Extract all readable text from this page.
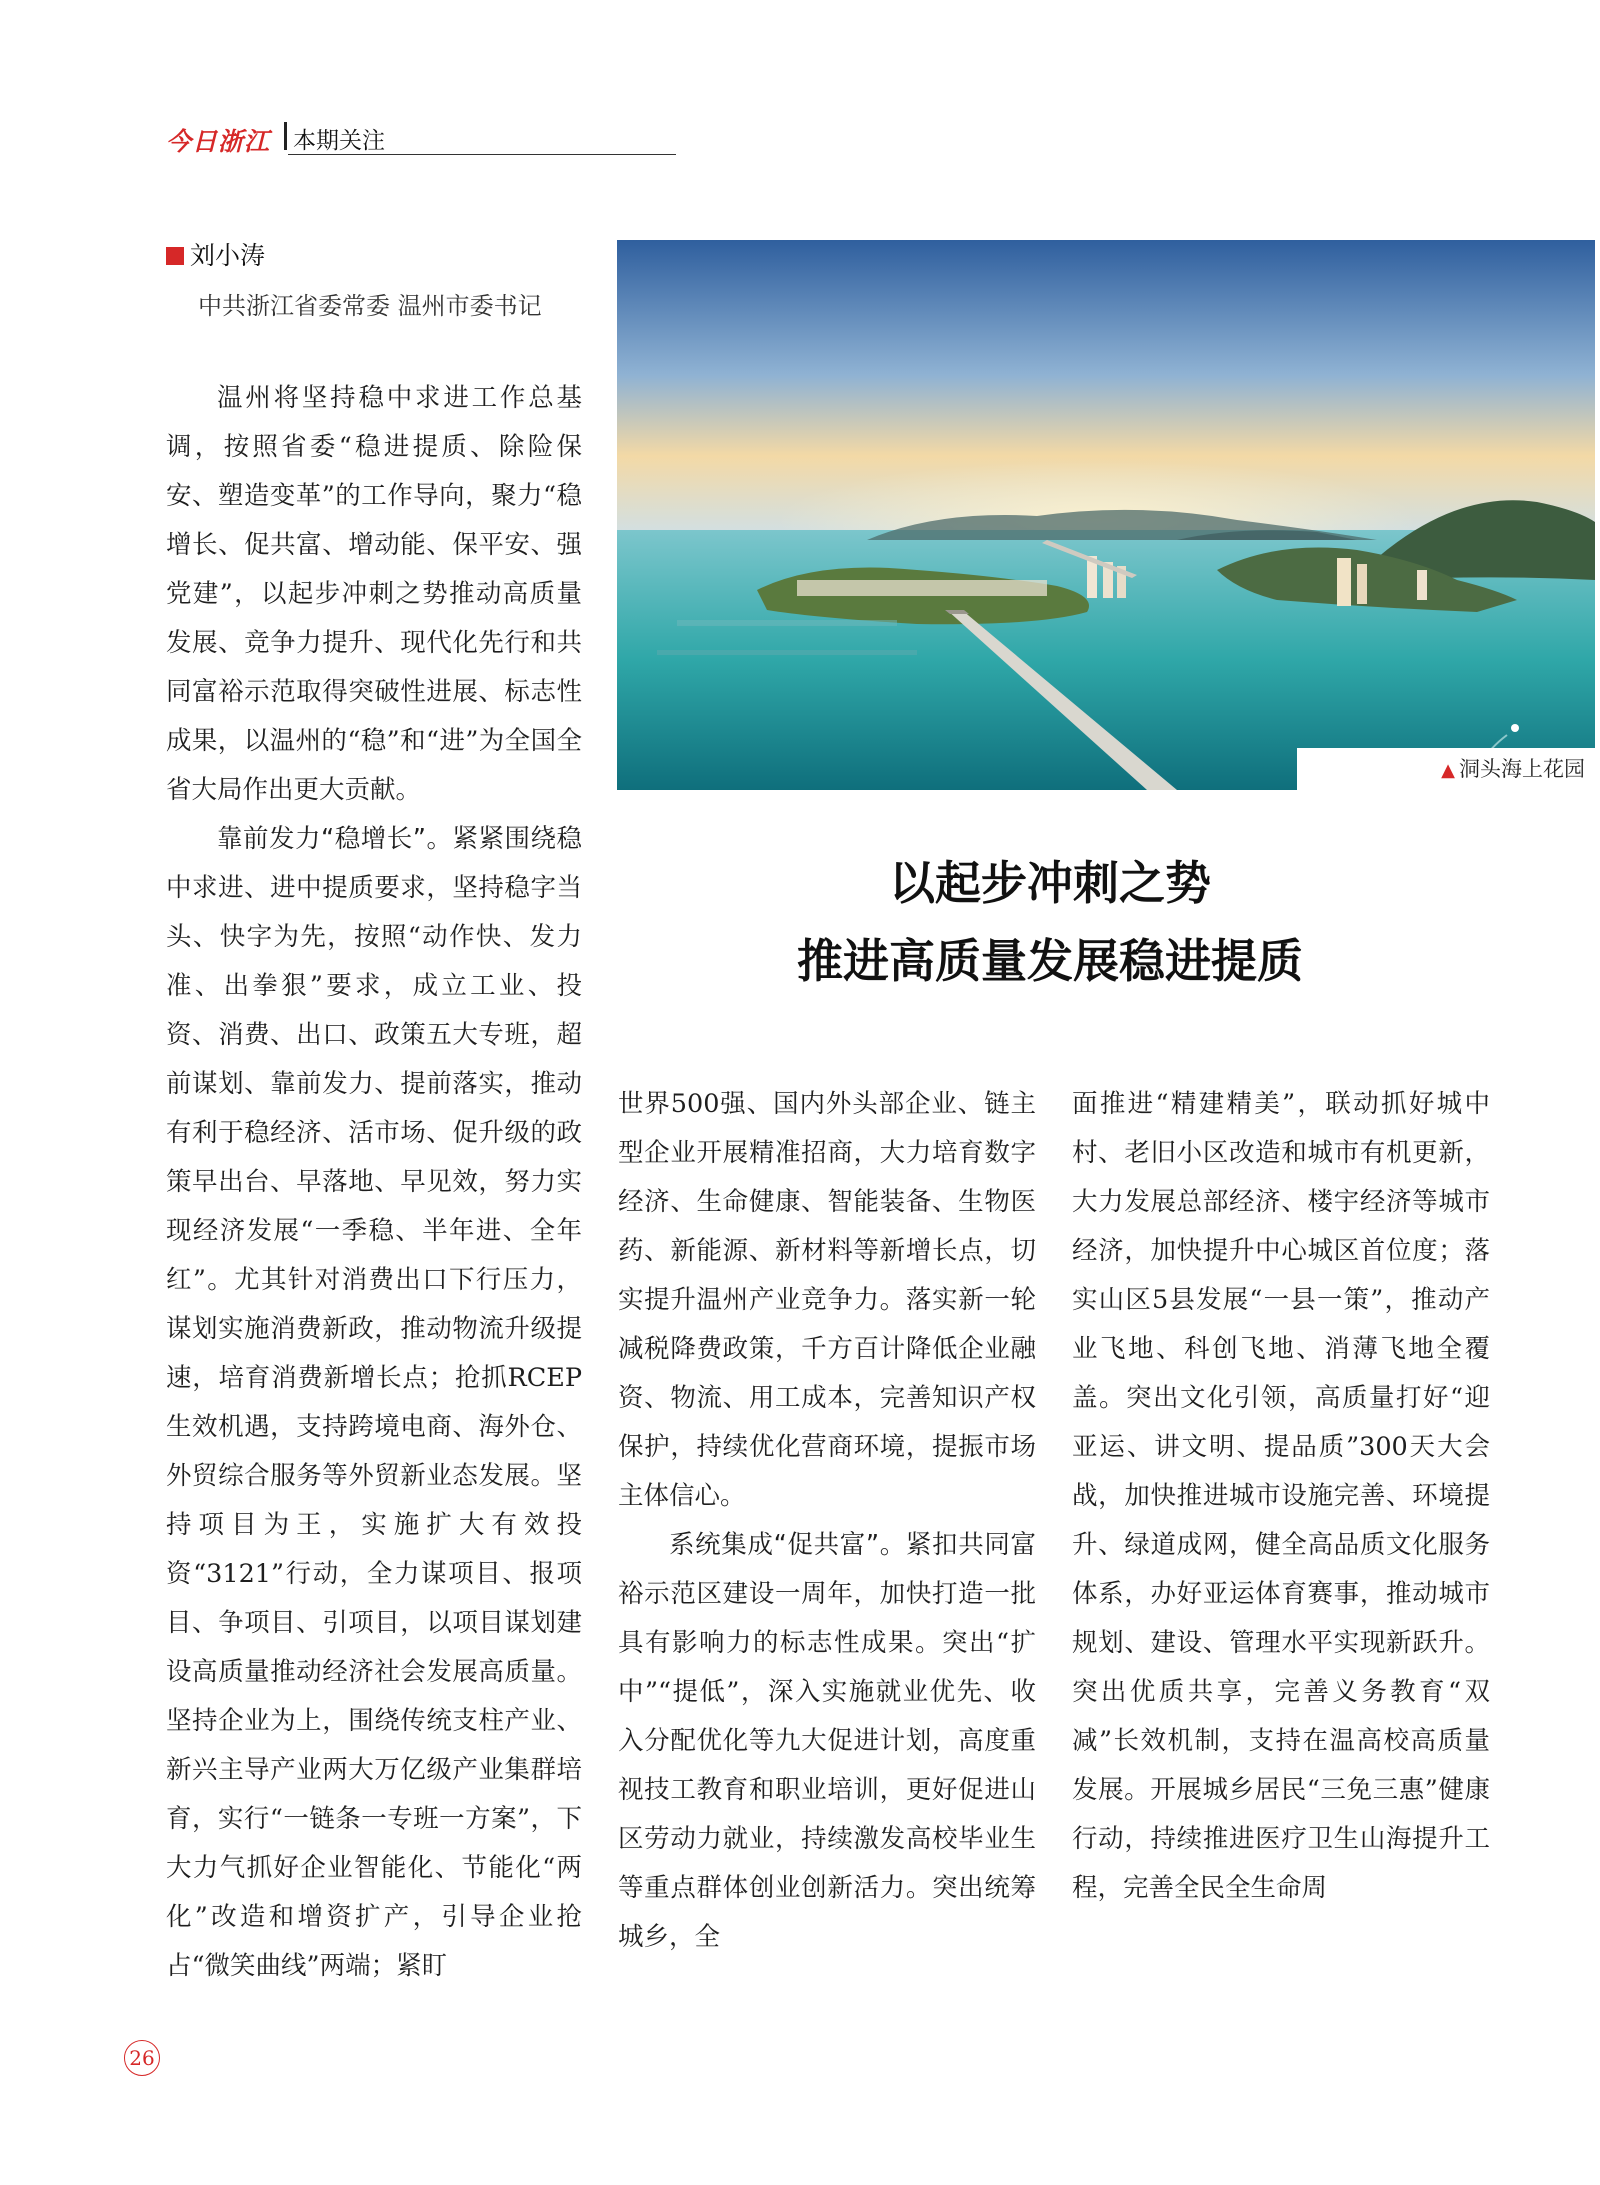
今日浙江 本期关注
刘小涛
中共浙江省委常委 温州市委书记
▲ 洞头海上花园
以起步冲刺之势
推进高质量发展稳进提质

温州将坚持稳中求进工作总基调，按照省委“稳进提质、除险保安、塑造变革”的工作导向，聚力“稳增长、促共富、增动能、保平安、强党建”，以起步冲刺之势推动高质量发展、竞争力提升、现代化先行和共同富裕示范取得突破性进展、标志性成果，以温州的“稳”和“进”为全国全省大局作出更大贡献。

靠前发力“稳增长”。紧紧围绕稳中求进、进中提质要求，坚持稳字当头、快字为先，按照“动作快、发力准、出拳狠”要求，成立工业、投资、消费、出口、政策五大专班，超前谋划、靠前发力、提前落实，推动有利于稳经济、活市场、促升级的政策早出台、早落地、早见效，努力实现经济发展“一季稳、半年进、全年红”。尤其针对消费出口下行压力，谋划实施消费新政，推动物流升级提速，培育消费新增长点；抢抓RCEP生效机遇，支持跨境电商、海外仓、外贸综合服务等外贸新业态发展。坚持项目为王，实施扩大有效投资“3121”行动，全力谋项目、报项目、争项目、引项目，以项目谋划建设高质量推动经济社会发展高质量。坚持企业为上，围绕传统支柱产业、新兴主导产业两大万亿级产业集群培育，实行“一链条一专班一方案”，下大力气抓好企业智能化、节能化“两化”改造和增资扩产，引导企业抢占“微笑曲线”两端；紧盯

世界500强、国内外头部企业、链主型企业开展精准招商，大力培育数字经济、生命健康、智能装备、生物医药、新能源、新材料等新增长点，切实提升温州产业竞争力。落实新一轮减税降费政策，千方百计降低企业融资、物流、用工成本，完善知识产权保护，持续优化营商环境，提振市场主体信心。

系统集成“促共富”。紧扣共同富裕示范区建设一周年，加快打造一批具有影响力的标志性成果。突出“扩中”“提低”，深入实施就业优先、收入分配优化等九大促进计划，高度重视技工教育和职业培训，更好促进山区劳动力就业，持续激发高校毕业生等重点群体创业创新活力。突出统筹城乡，全

面推进“精建精美”，联动抓好城中村、老旧小区改造和城市有机更新，大力发展总部经济、楼宇经济等城市经济，加快提升中心城区首位度；落实山区5县发展“一县一策”，推动产业飞地、科创飞地、消薄飞地全覆盖。突出文化引领，高质量打好“迎亚运、讲文明、提品质”300天大会战，加快推进城市设施完善、环境提升、绿道成网，健全高品质文化服务体系，办好亚运体育赛事，推动城市规划、建设、管理水平实现新跃升。突出优质共享，完善义务教育“双减”长效机制，支持在温高校高质量发展。开展城乡居民“三免三惠”健康行动，持续推进医疗卫生山海提升工程，完善全民全生命周

26
